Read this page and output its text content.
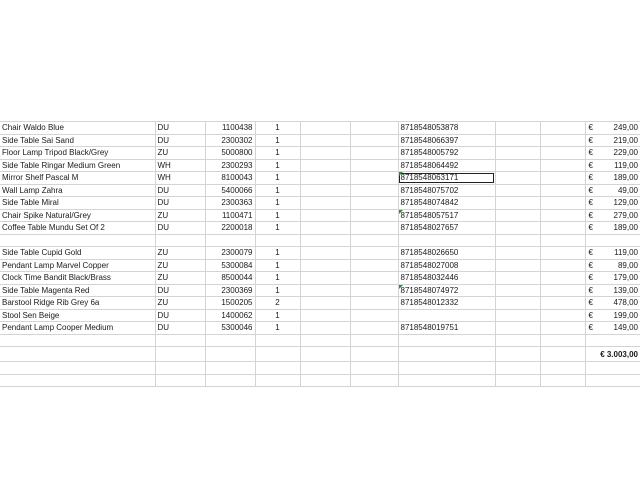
Chair Waldo Blue	DU	1100438	1			8718548053878			€ 249,00
Side Table Sai Sand	DU	2300302	1			8718548066397			€ 219,00
Floor Lamp Tripod Black/Grey	ZU	5000800	1			8718548005792			€ 229,00
Side Table Ringar Medium Green	WH	2300293	1			8718548064492			€ 119,00
Mirror Shelf Pascal M	WH	8100043	1			8718548063171			€ 189,00
Wall Lamp Zahra	DU	5400066	1			8718548075702			€ 49,00
Side Table Miral	DU	2300363	1			8718548074842			€ 129,00
Chair Spike Natural/Grey	ZU	1100471	1			8718548057517			€ 279,00
Coffee Table Mundu Set Of 2	DU	2200018	1			8718548027657			€ 189,00

Side Table Cupid Gold	ZU	2300079	1			8718548026650			€ 119,00
Pendant Lamp Marvel Copper	ZU	5300084	1			8718548027008			€ 89,00
Clock Time Bandit Black/Brass	ZU	8500044	1			8718548032446			€ 179,00
Side Table Magenta Red	DU	2300369	1			8718548074972			€ 139,00
Barstool Ridge Rib Grey 6a	ZU	1500205	2			8718548012332			€ 478,00
Stool Sen Beige	DU	1400062	1						€ 199,00
Pendant Lamp Cooper Medium	DU	5300046	1			8718548019751			€ 149,00

									€ 3.003,00
